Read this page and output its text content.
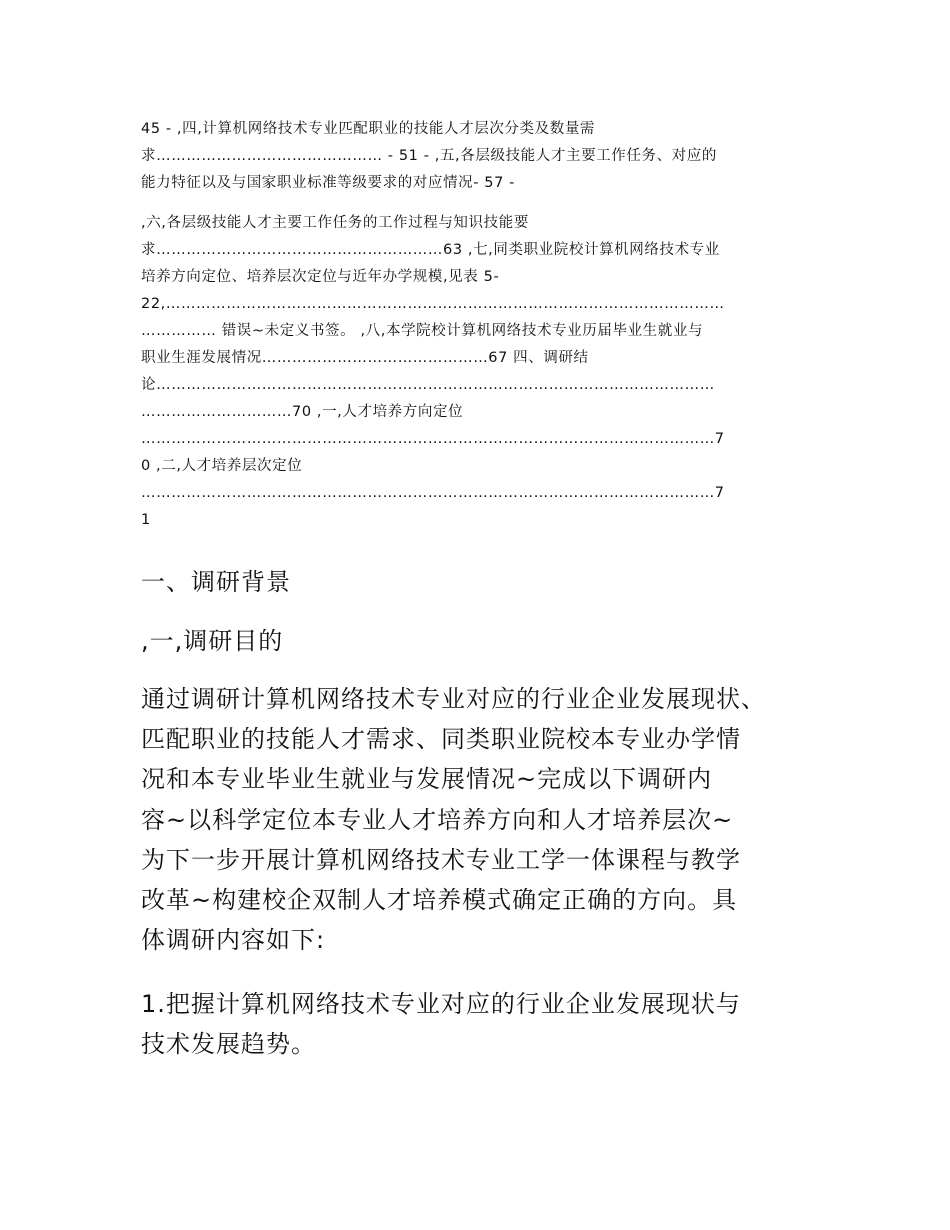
45 - ,四,计算机网络技术专业匹配职业的技能人才层次分类及数量需
求……………………………………… - 51 - ,五,各层级技能人才主要工作任务、对应的
能力特征以及与国家职业标准等级要求的对应情况- 57 -
,六,各层级技能人才主要工作任务的工作过程与知识技能要
求…………………………………………………63 ,七,同类职业院校计算机网络技术专业
培养方向定位、培养层次定位与近年办学规模,见表 5-
22,…………………………………………………………………………………………………
…………… 错误~未定义书签。 ,八,本学院校计算机网络技术专业历届毕业生就业与
职业生涯发展情况………………………………………67 四、调研结
论…………………………………………………………………………………………………
…………………………70 ,一,人才培养方向定位
……………………………………………………………………………………………………7
0 ,二,人才培养层次定位
……………………………………………………………………………………………………7
1
一、调研背景
,一,调研目的
通过调研计算机网络技术专业对应的行业企业发展现状、
匹配职业的技能人才需求、同类职业院校本专业办学情
况和本专业毕业生就业与发展情况~完成以下调研内
容~以科学定位本专业人才培养方向和人才培养层次~
为下一步开展计算机网络技术专业工学一体课程与教学
改革~构建校企双制人才培养模式确定正确的方向。具
体调研内容如下:
1.把握计算机网络技术专业对应的行业企业发展现状与
技术发展趋势。
